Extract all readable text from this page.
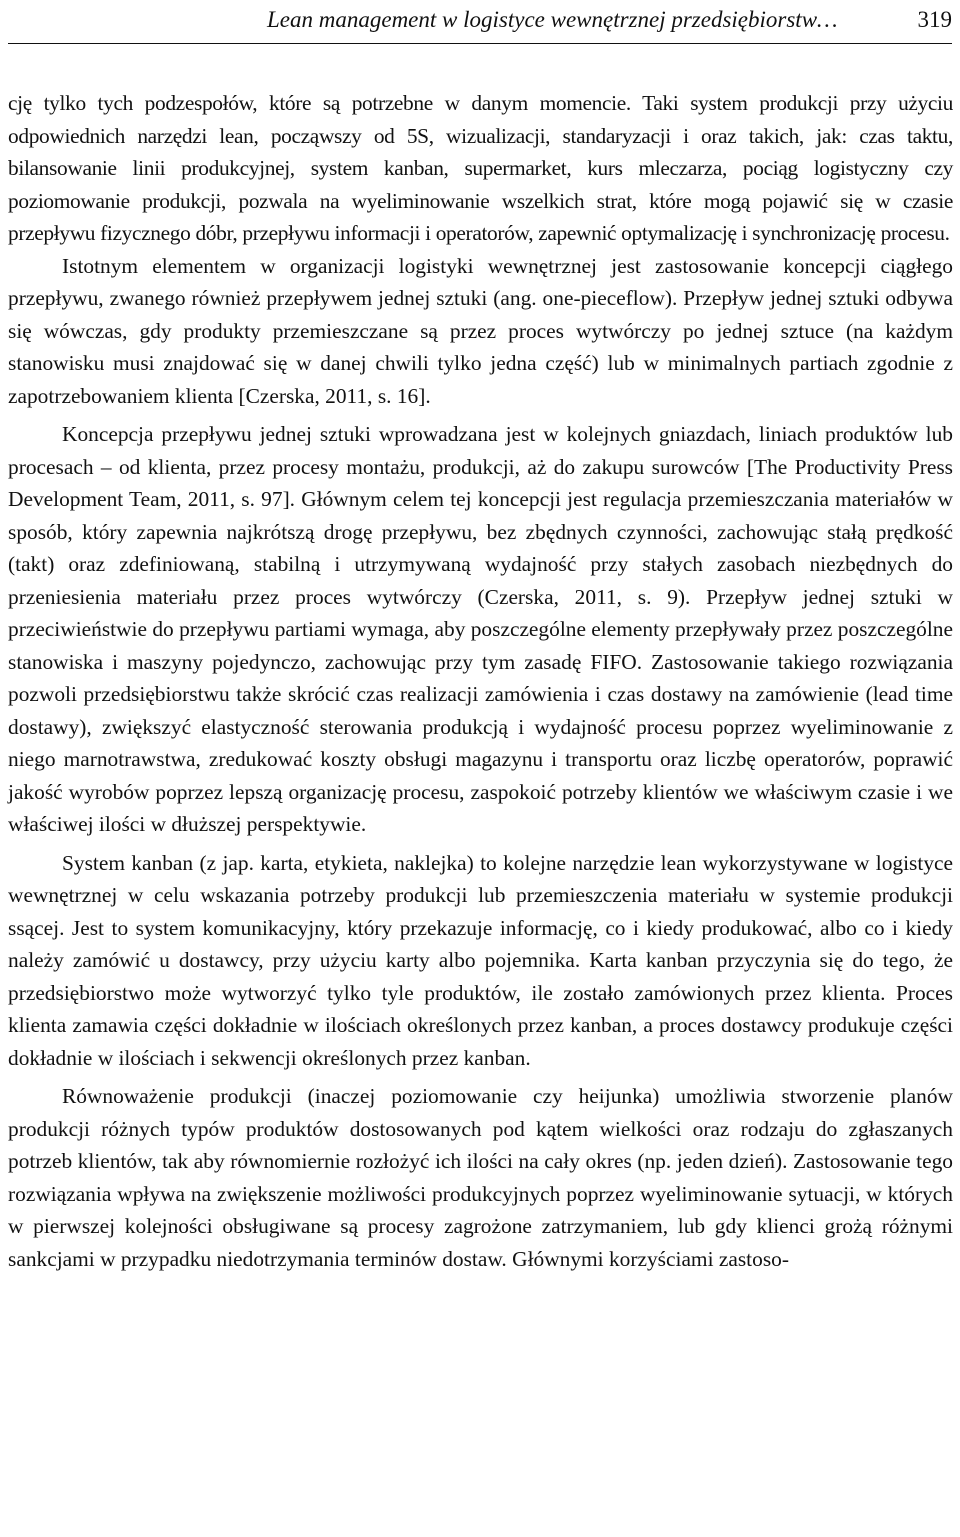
Lean management w logistyce wewnętrznej przedsiębiorstw…	319

cję tylko tych podzespołów, które są potrzebne w danym momencie. Taki system produkcji przy użyciu odpowiednich narzędzi lean, począwszy od 5S, wizualizacji, standaryzacji i oraz takich, jak: czas taktu, bilansowanie linii produkcyjnej, system kanban, supermarket, kurs mleczarza, pociąg logistyczny czy poziomowanie produkcji, pozwala na wyeliminowanie wszelkich strat, które mogą pojawić się w czasie przepływu fizycznego dóbr, przepływu informacji i operatorów, zapewnić optymalizację i synchronizację procesu.

Istotnym elementem w organizacji logistyki wewnętrznej jest zastosowanie koncepcji ciągłego przepływu, zwanego również przepływem jednej sztuki (ang. one-pieceflow). Przepływ jednej sztuki odbywa się wówczas, gdy produkty przemieszczane są przez proces wytwórczy po jednej sztuce (na każdym stanowisku musi znajdować się w danej chwili tylko jedna część) lub w minimalnych partiach zgodnie z zapotrzebowaniem klienta [Czerska, 2011, s. 16].

Koncepcja przepływu jednej sztuki wprowadzana jest w kolejnych gniazdach, liniach produktów lub procesach – od klienta, przez procesy montażu, produkcji, aż do zakupu surowców [The Productivity Press Development Team, 2011, s. 97]. Głównym celem tej koncepcji jest regulacja przemieszczania materiałów w sposób, który zapewnia najkrótszą drogę przepływu, bez zbędnych czynności, zachowując stałą prędkość (takt) oraz zdefiniowaną, stabilną i utrzymywaną wydajność przy stałych zasobach niezbędnych do przeniesienia materiału przez proces wytwórczy (Czerska, 2011, s. 9). Przepływ jednej sztuki w przeciwieństwie do przepływu partiami wymaga, aby poszczególne elementy przepływały przez poszczególne stanowiska i maszyny pojedynczo, zachowując przy tym zasadę FIFO. Zastosowanie takiego rozwiązania pozwoli przedsiębiorstwu także skrócić czas realizacji zamówienia i czas dostawy na zamówienie (lead time dostawy), zwiększyć elastyczność sterowania produkcją i wydajność procesu poprzez wyeliminowanie z niego marnotrawstwa, zredukować koszty obsługi magazynu i transportu oraz liczbę operatorów, poprawić jakość wyrobów poprzez lepszą organizację procesu, zaspokoić potrzeby klientów we właściwym czasie i we właściwej ilości w dłuższej perspektywie.

System kanban (z jap. karta, etykieta, naklejka) to kolejne narzędzie lean wykorzystywane w logistyce wewnętrznej w celu wskazania potrzeby produkcji lub przemieszczenia materiału w systemie produkcji ssącej. Jest to system komunikacyjny, który przekazuje informację, co i kiedy produkować, albo co i kiedy należy zamówić u dostawcy, przy użyciu karty albo pojemnika. Karta kanban przyczynia się do tego, że przedsiębiorstwo może wytworzyć tylko tyle produktów, ile zostało zamówionych przez klienta. Proces klienta zamawia części dokładnie w ilościach określonych przez kanban, a proces dostawcy produkuje części dokładnie w ilościach i sekwencji określonych przez kanban.

Równoważenie produkcji (inaczej poziomowanie czy heijunka) umożliwia stworzenie planów produkcji różnych typów produktów dostosowanych pod kątem wielkości oraz rodzaju do zgłaszanych potrzeb klientów, tak aby równomiernie rozłożyć ich ilości na cały okres (np. jeden dzień). Zastosowanie tego rozwiązania wpływa na zwiększenie możliwości produkcyjnych poprzez wyeliminowanie sytuacji, w których w pierwszej kolejności obsługiwane są procesy zagrożone zatrzymaniem, lub gdy klienci grożą różnymi sankcjami w przypadku niedotrzymania terminów dostaw. Głównymi korzyściami zastoso-
